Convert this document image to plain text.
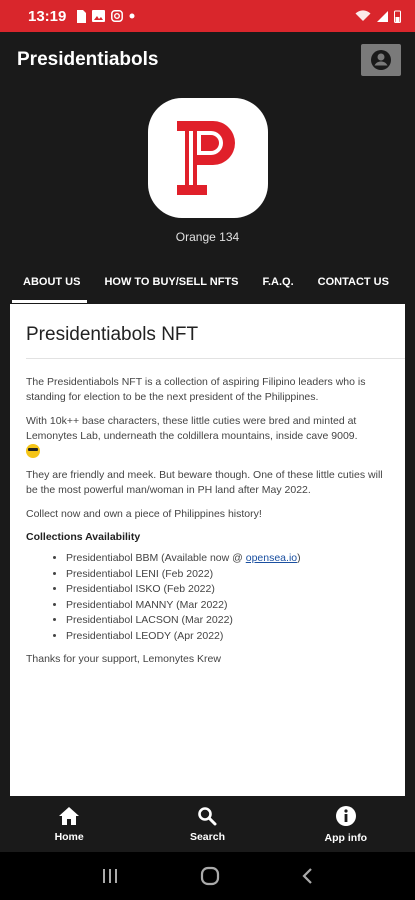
13:19
Presidentiabols
Orange 134
ABOUT US	HOW TO BUY/SELL NFTS	F.A.Q.	CONTACT US
Presidentiabols NFT

The Presidentiabols NFT is a collection of aspiring Filipino leaders who is standing for election to be the next president of the Philippines.

With 10k++ base characters, these little cuties were bred and minted at Lemonytes Lab, underneath the coldillera mountains, inside cave 9009.

They are friendly and meek. But beware though. One of these little cuties will be the most powerful man/woman in PH land after May 2022.

Collect now and own a piece of Philippines history!

Collections Availability
• Presidentiabol BBM (Available now @ opensea.io)
• Presidentiabol LENI (Feb 2022)
• Presidentiabol ISKO (Feb 2022)
• Presidentiabol MANNY (Mar 2022)
• Presidentiabol LACSON (Mar 2022)
• Presidentiabol LEODY (Apr 2022)

Thanks for your support, Lemonytes Krew

Home	Search	App info
